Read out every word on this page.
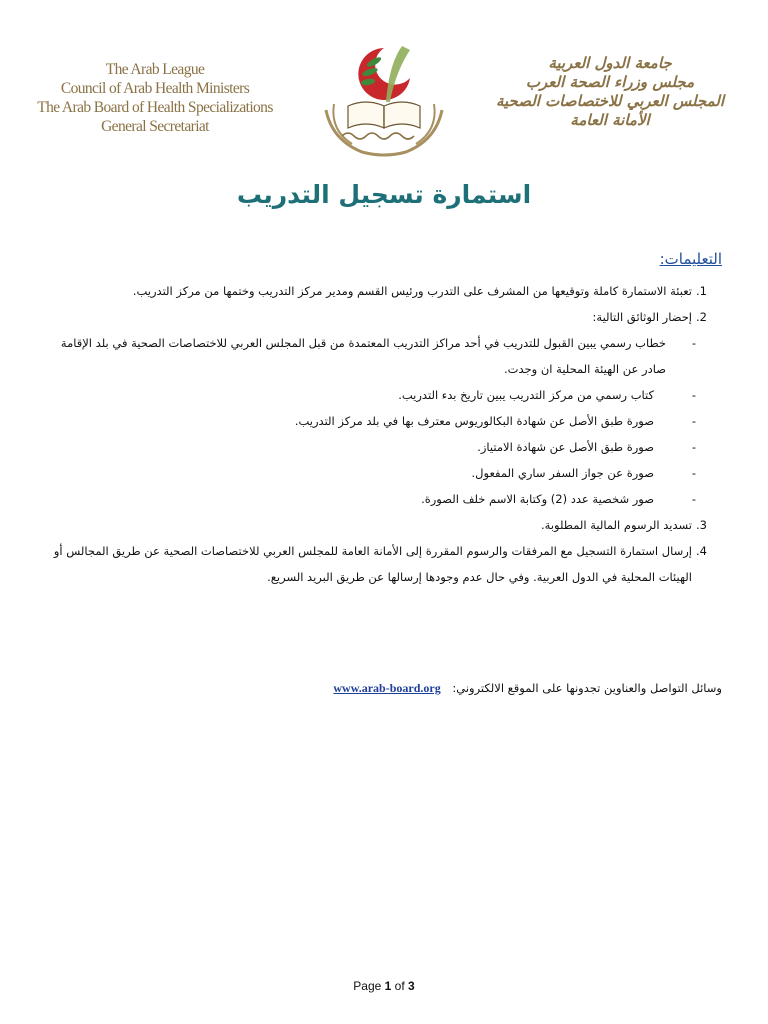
The Arab League
Council of Arab Health Ministers
The Arab Board of Health Specializations
General Secretariat
جامعة الدول العربية
مجلس وزراء الصحة العرب
المجلس العربي للاختصاصات الصحية
الأمانة العامة
استمارة تسجيل التدريب
التعليمات:
.1
تعبئة الاستمارة كاملة وتوقيعها من المشرف على التدرب ورئيس القسم ومدير مركز التدريب وختمها من مركز التدريب.
.2
إحضار الوثائق التالية:
-
خطاب رسمي يبين القبول للتدريب في أحد مراكز التدريب المعتمدة من قبل المجلس العربي للاختصاصات الصحية في بلد الإقامة صادر عن الهيئة المحلية ان وجدت.
-
كتاب رسمي من مركز التدريب يبين تاريخ بدء التدريب.
-
صورة طبق الأصل عن شهادة البكالوريوس معترف بها في بلد مركز التدريب.
-
صورة طبق الأصل عن شهادة الامتياز.
-
صورة عن جواز السفر ساري المفعول.
-
صور شخصية عدد (2) وكتابة الاسم خلف الصورة.
.3
تسديد الرسوم المالية المطلوبة.
.4
إرسال استمارة التسجيل مع المرفقات والرسوم المقررة إلى الأمانة العامة للمجلس العربي للاختصاصات الصحية عن طريق المجالس أو الهيئات المحلية في الدول العربية. وفي حال عدم وجودها إرسالها عن طريق البريد السريع.
وسائل التواصل والعناوين تجدونها على الموقع الالكتروني: www.arab-board.org
Page 1 of 3
